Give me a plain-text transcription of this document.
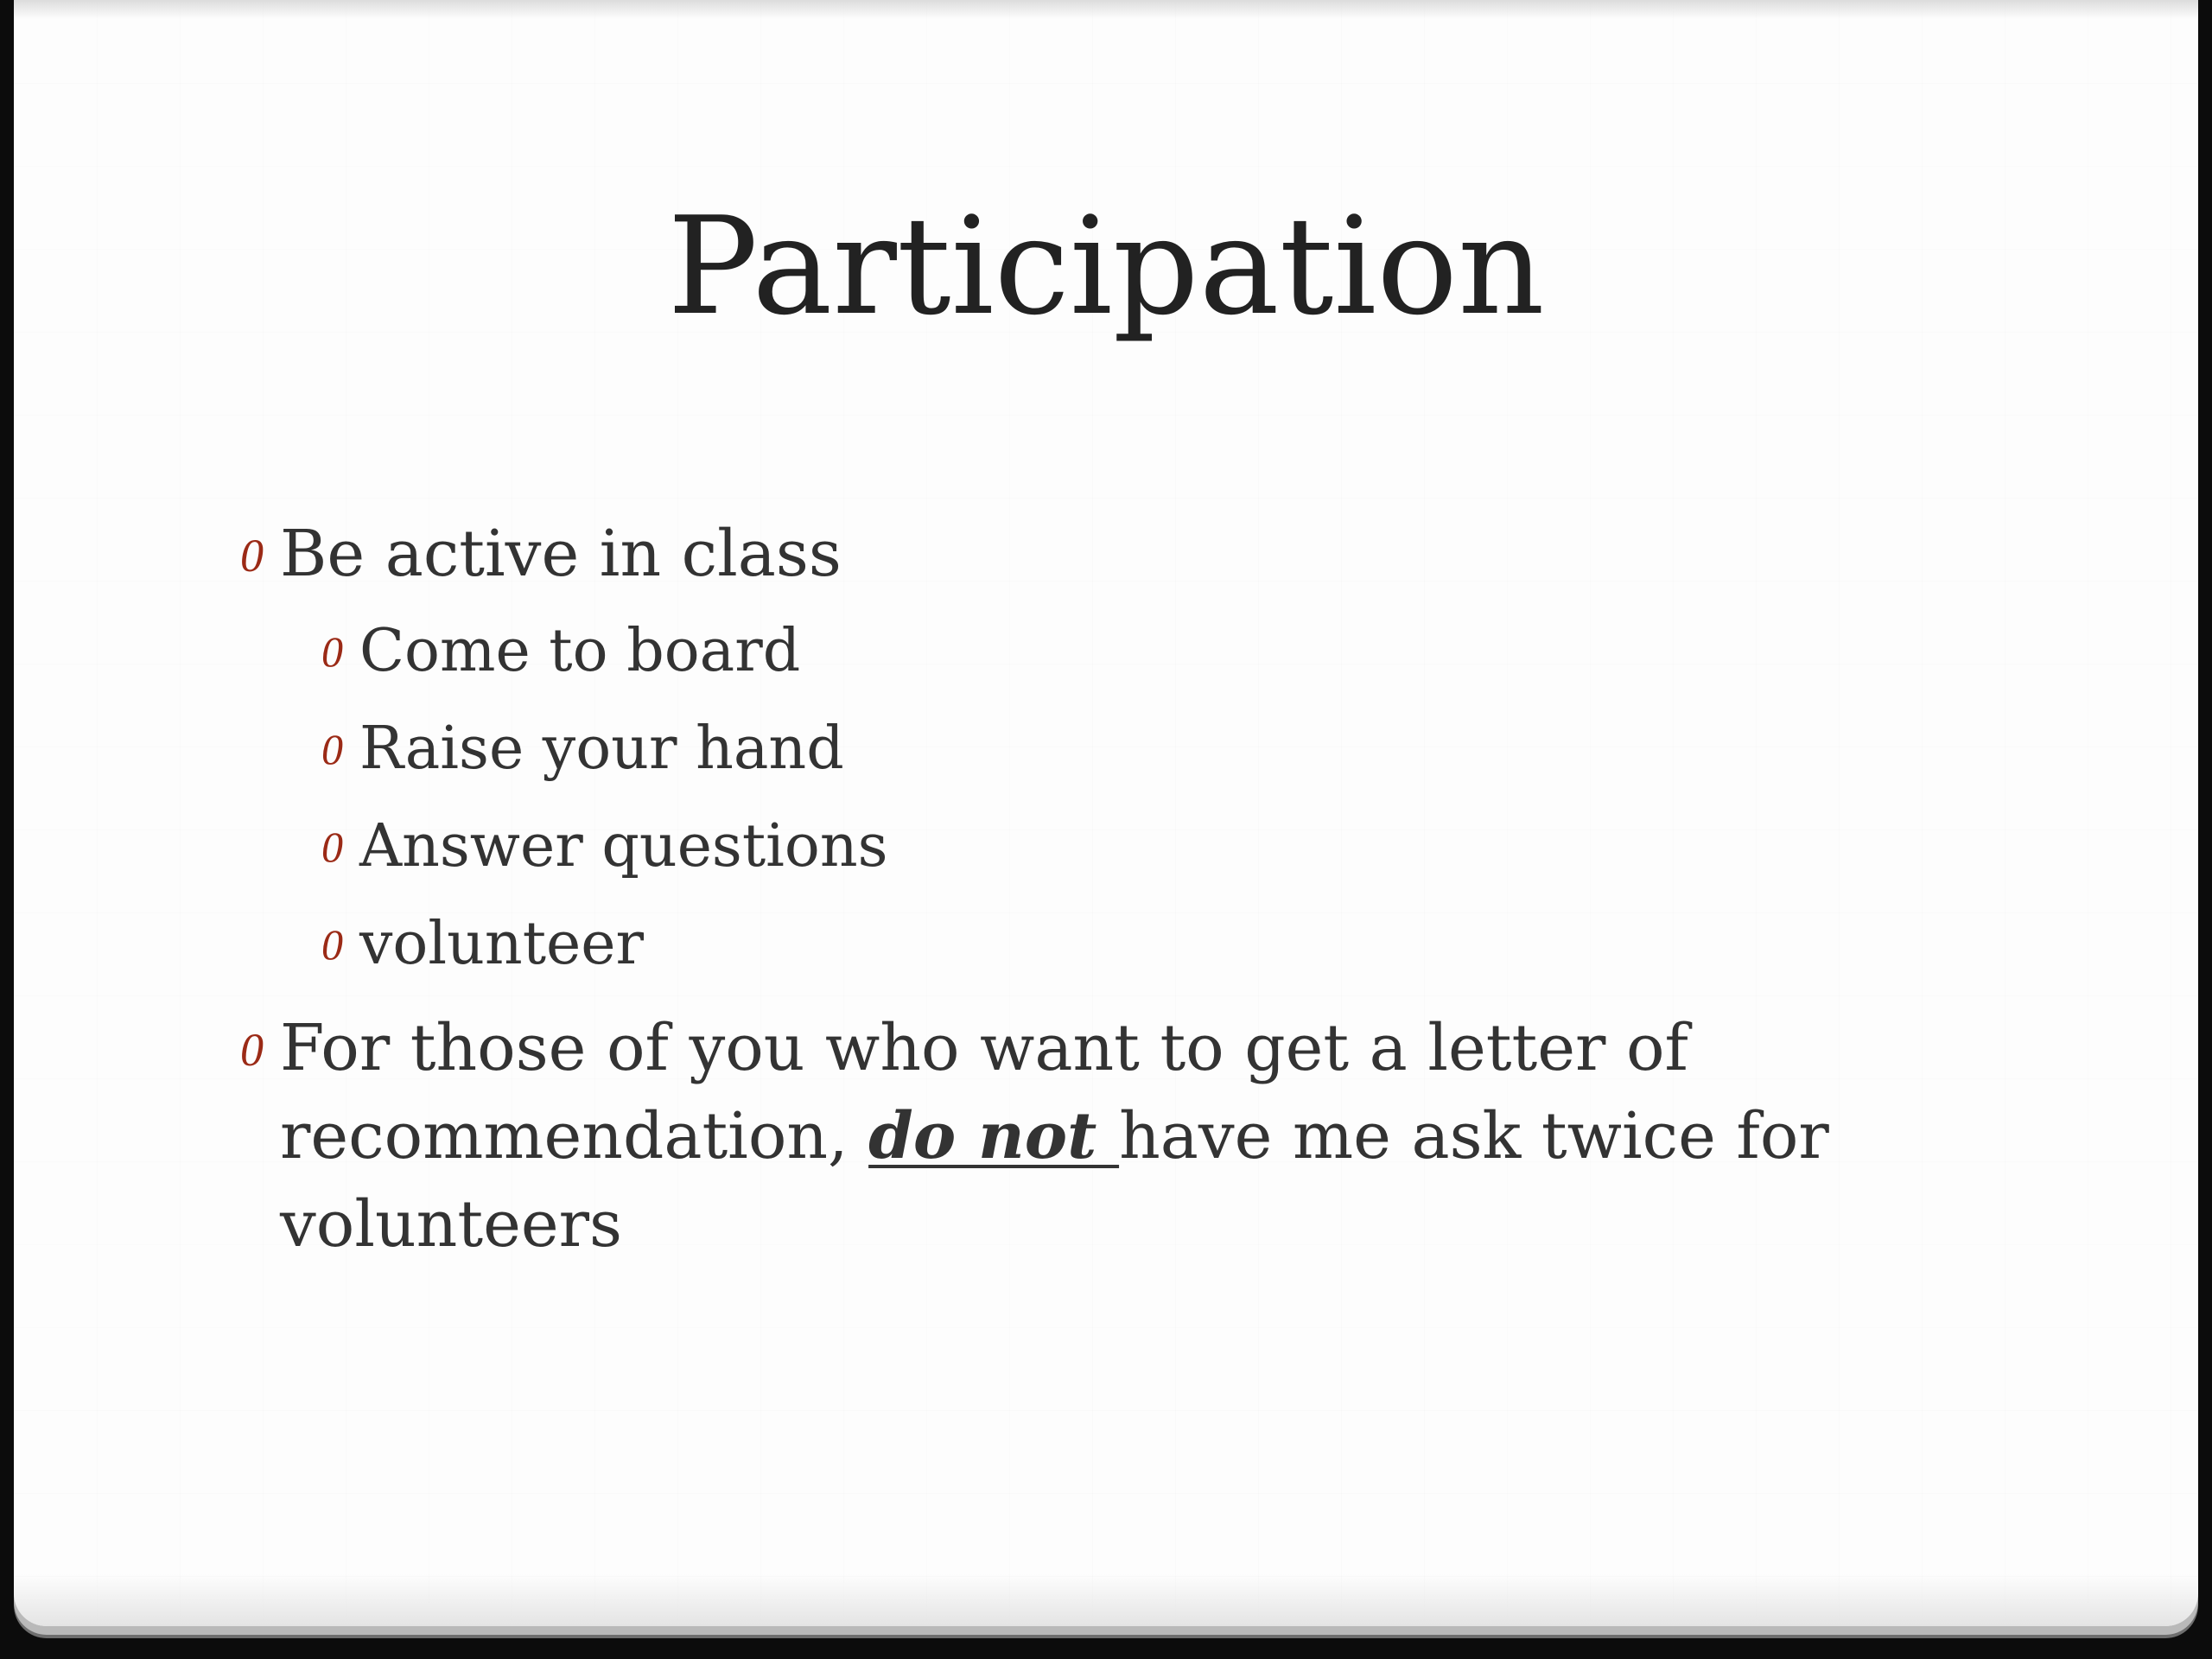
Participation
0 Be active in class
0 Come to board
0 Raise your hand
0 Answer questions
0 volunteer
0 For those of you who want to get a letter of recommendation, do not have me ask twice for volunteers
